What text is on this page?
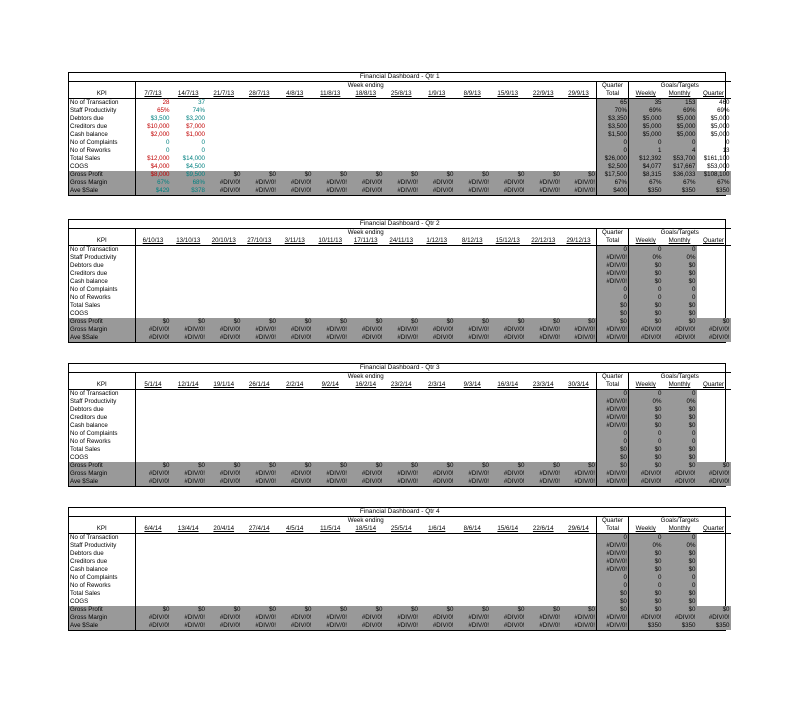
Financial Dashboard - Qtr 1																	
	Week ending													Quarter	Goals/Targets		
KPI	7/7/13	14/7/13	21/7/13	28/7/13	4/8/13	11/8/13	18/8/13	25/8/13	1/9/13	8/9/13	15/9/13	22/9/13	29/9/13	Total	Weekly	Monthly	Quarter
No of Transaction	28	37												65	35	153	460
Staff Productivity	65%	74%												70%	69%	69%	69%
Debtors due	$3,500	$3,200												$3,350	$5,000	$5,000	$5,000
Creditors due	$10,000	$7,000												$3,500	$5,000	$5,000	$5,000
Cash balance	$2,000	$1,000												$1,500	$5,000	$5,000	$5,000
No of Complaints	0	0												0	0	0	0
No of Reworks	0	0												0	1	4	13
Total Sales	$12,000	$14,000												$26,000	$12,392	$53,700	$161,100
COGS	$4,000	$4,500												$2,500	$4,077	$17,667	$53,000
Gross Profit	$8,000	$9,500	$0	$0	$0	$0	$0	$0	$0	$0	$0	$0	$0	$17,500	$8,315	$36,033	$108,100
Gross Margin	67%	68%	#DIV/0!	#DIV/0!	#DIV/0!	#DIV/0!	#DIV/0!	#DIV/0!	#DIV/0!	#DIV/0!	#DIV/0!	#DIV/0!	#DIV/0!	67%	67%	67%	67%
Ave $Sale	$429	$378	#DIV/0!	#DIV/0!	#DIV/0!	#DIV/0!	#DIV/0!	#DIV/0!	#DIV/0!	#DIV/0!	#DIV/0!	#DIV/0!	#DIV/0!	$400	$350	$350	$350
Financial Dashboard - Qtr 2																	
	Week ending													Quarter	Goals/Targets		
KPI	6/10/13	13/10/13	20/10/13	27/10/13	3/11/13	10/11/13	17/11/13	24/11/13	1/12/13	8/12/13	15/12/13	22/12/13	29/12/13	Total	Weekly	Monthly	Quarter
No of Transaction														0	0	0	
Staff Productivity														#DIV/0!	0%	0%	
Debtors due														#DIV/0!	$0	$0	
Creditors due														#DIV/0!	$0	$0	
Cash balance														#DIV/0!	$0	$0	
No of Complaints														0	0	0	
No of Reworks														0	0	0	
Total Sales														$0	$0	$0	
COGS														$0	$0	$0	
Gross Profit	$0	$0	$0	$0	$0	$0	$0	$0	$0	$0	$0	$0	$0	$0	$0	$0	$0
Gross Margin	#DIV/0!	#DIV/0!	#DIV/0!	#DIV/0!	#DIV/0!	#DIV/0!	#DIV/0!	#DIV/0!	#DIV/0!	#DIV/0!	#DIV/0!	#DIV/0!	#DIV/0!	#DIV/0!	#DIV/0!	#DIV/0!	#DIV/0!
Ave $Sale	#DIV/0!	#DIV/0!	#DIV/0!	#DIV/0!	#DIV/0!	#DIV/0!	#DIV/0!	#DIV/0!	#DIV/0!	#DIV/0!	#DIV/0!	#DIV/0!	#DIV/0!	#DIV/0!	#DIV/0!	#DIV/0!	#DIV/0!
Financial Dashboard - Qtr 3																	
	Week ending													Quarter	Goals/Targets		
KPI	5/1/14	12/1/14	19/1/14	26/1/14	2/2/14	9/2/14	16/2/14	23/2/14	2/3/14	9/3/14	16/3/14	23/3/14	30/3/14	Total	Weekly	Monthly	Quarter
No of Transaction														0	0	0	
Staff Productivity														#DIV/0!	0%	0%	
Debtors due														#DIV/0!	$0	$0	
Creditors due														#DIV/0!	$0	$0	
Cash balance														#DIV/0!	$0	$0	
No of Complaints														0	0	0	
No of Reworks														0	0	0	
Total Sales														$0	$0	$0	
COGS														$0	$0	$0	
Gross Profit	$0	$0	$0	$0	$0	$0	$0	$0	$0	$0	$0	$0	$0	$0	$0	$0	$0
Gross Margin	#DIV/0!	#DIV/0!	#DIV/0!	#DIV/0!	#DIV/0!	#DIV/0!	#DIV/0!	#DIV/0!	#DIV/0!	#DIV/0!	#DIV/0!	#DIV/0!	#DIV/0!	#DIV/0!	#DIV/0!	#DIV/0!	#DIV/0!
Ave $Sale	#DIV/0!	#DIV/0!	#DIV/0!	#DIV/0!	#DIV/0!	#DIV/0!	#DIV/0!	#DIV/0!	#DIV/0!	#DIV/0!	#DIV/0!	#DIV/0!	#DIV/0!	#DIV/0!	#DIV/0!	#DIV/0!	#DIV/0!
Financial Dashboard - Qtr 4																	
	Week ending													Quarter	Goals/Targets		
KPI	6/4/14	13/4/14	20/4/14	27/4/14	4/5/14	11/5/14	18/5/14	25/5/14	1/6/14	8/6/14	15/6/14	22/6/14	29/6/14	Total	Weekly	Monthly	Quarter
No of Transaction														0	0	0	
Staff Productivity														#DIV/0!	0%	0%	
Debtors due														#DIV/0!	$0	$0	
Creditors due														#DIV/0!	$0	$0	
Cash balance														#DIV/0!	$0	$0	
No of Complaints														0	0	0	
No of Reworks														0	0	0	
Total Sales														$0	$0	$0	
COGS														$0	$0	$0	
Gross Profit	$0	$0	$0	$0	$0	$0	$0	$0	$0	$0	$0	$0	$0	$0	$0	$0	$0
Gross Margin	#DIV/0!	#DIV/0!	#DIV/0!	#DIV/0!	#DIV/0!	#DIV/0!	#DIV/0!	#DIV/0!	#DIV/0!	#DIV/0!	#DIV/0!	#DIV/0!	#DIV/0!	#DIV/0!	#DIV/0!	#DIV/0!	#DIV/0!
Ave $Sale	#DIV/0!	#DIV/0!	#DIV/0!	#DIV/0!	#DIV/0!	#DIV/0!	#DIV/0!	#DIV/0!	#DIV/0!	#DIV/0!	#DIV/0!	#DIV/0!	#DIV/0!	#DIV/0!	$350	$350	$350
